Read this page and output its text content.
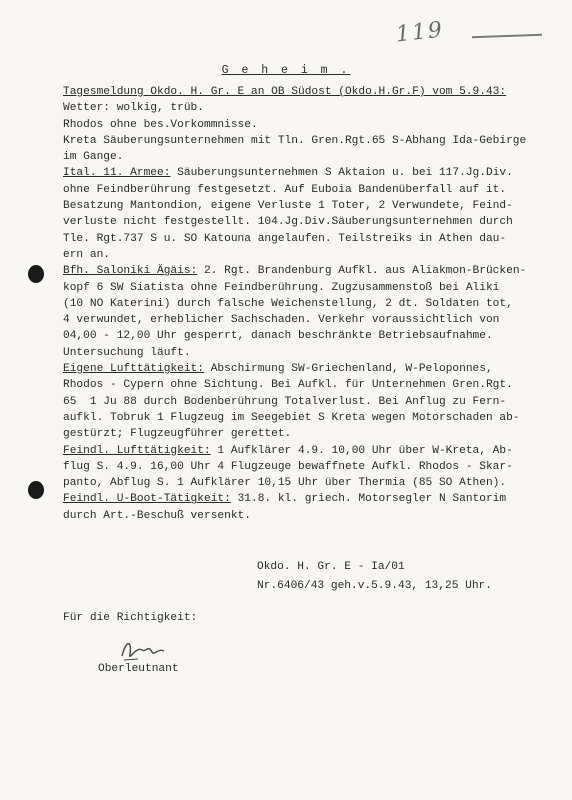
119
G e h e i m .
Tagesmeldung Okdo. H. Gr. E an OB Südost (Okdo.H.Gr.F) vom 5.9.43:
Wetter: wolkig, trüb.
Rhodos ohne bes.Vorkommnisse.
Kreta Säuberungsunternehmen mit Tln. Gren.Rgt.65 S-Abhang Ida-Gebirge
im Gange.
Ital. 11. Armee: Säuberungsunternehmen S Aktaion u. bei 117.Jg.Div.
ohne Feindberührung festgesetzt. Auf Euboia Bandenüberfall auf it.
Besatzung Mantondion, eigene Verluste 1 Toter, 2 Verwundete, Feind-
verluste nicht festgestellt. 104.Jg.Div.Säuberungsunternehmen durch
Tle. Rgt.737 S u. SO Katouna angelaufen. Teilstreiks in Athen dau-
ern an.
Bfh. Saloniki Ägäis: 2. Rgt. Brandenburg Aufkl. aus Aliakmon-Brücken-
kopf 6 SW Siatista ohne Feindberührung. Zugzusammenstoß bei Aliki
(10 NO Katerini) durch falsche Weichenstellung, 2 dt. Soldaten tot,
4 verwundet, erheblicher Sachschaden. Verkehr voraussichtlich von
04,00 - 12,00 Uhr gesperrt, danach beschränkte Betriebsaufnahme.
Untersuchung läuft.
Eigene Lufttätigkeit: Abschirmung SW-Griechenland, W-Peloponnes,
Rhodos - Cypern ohne Sichtung. Bei Aufkl. für Unternehmen Gren.Rgt.
65  1 Ju 88 durch Bodenberührung Totalverlust. Bei Anflug zu Fern-
aufkl. Tobruk 1 Flugzeug im Seegebiet S Kreta wegen Motorschaden ab-
gestürzt; Flugzeugführer gerettet.
Feindl. Lufttätigkeit: 1 Aufklärer 4.9. 10,00 Uhr über W-Kreta, Ab-
flug S. 4.9. 16,00 Uhr 4 Flugzeuge bewaffnete Aufkl. Rhodos - Skar-
panto, Abflug S. 1 Aufklärer 10,15 Uhr über Thermia (85 SO Athen).
Feindl. U-Boot-Tätigkeit: 31.8. kl. griech. Motorsegler N Santorim
durch Art.-Beschuß versenkt.
Okdo. H. Gr. E - Ia/01
Nr.6406/43 geh.v.5.9.43, 13,25 Uhr.
Für die Richtigkeit:
Oberleutnant
